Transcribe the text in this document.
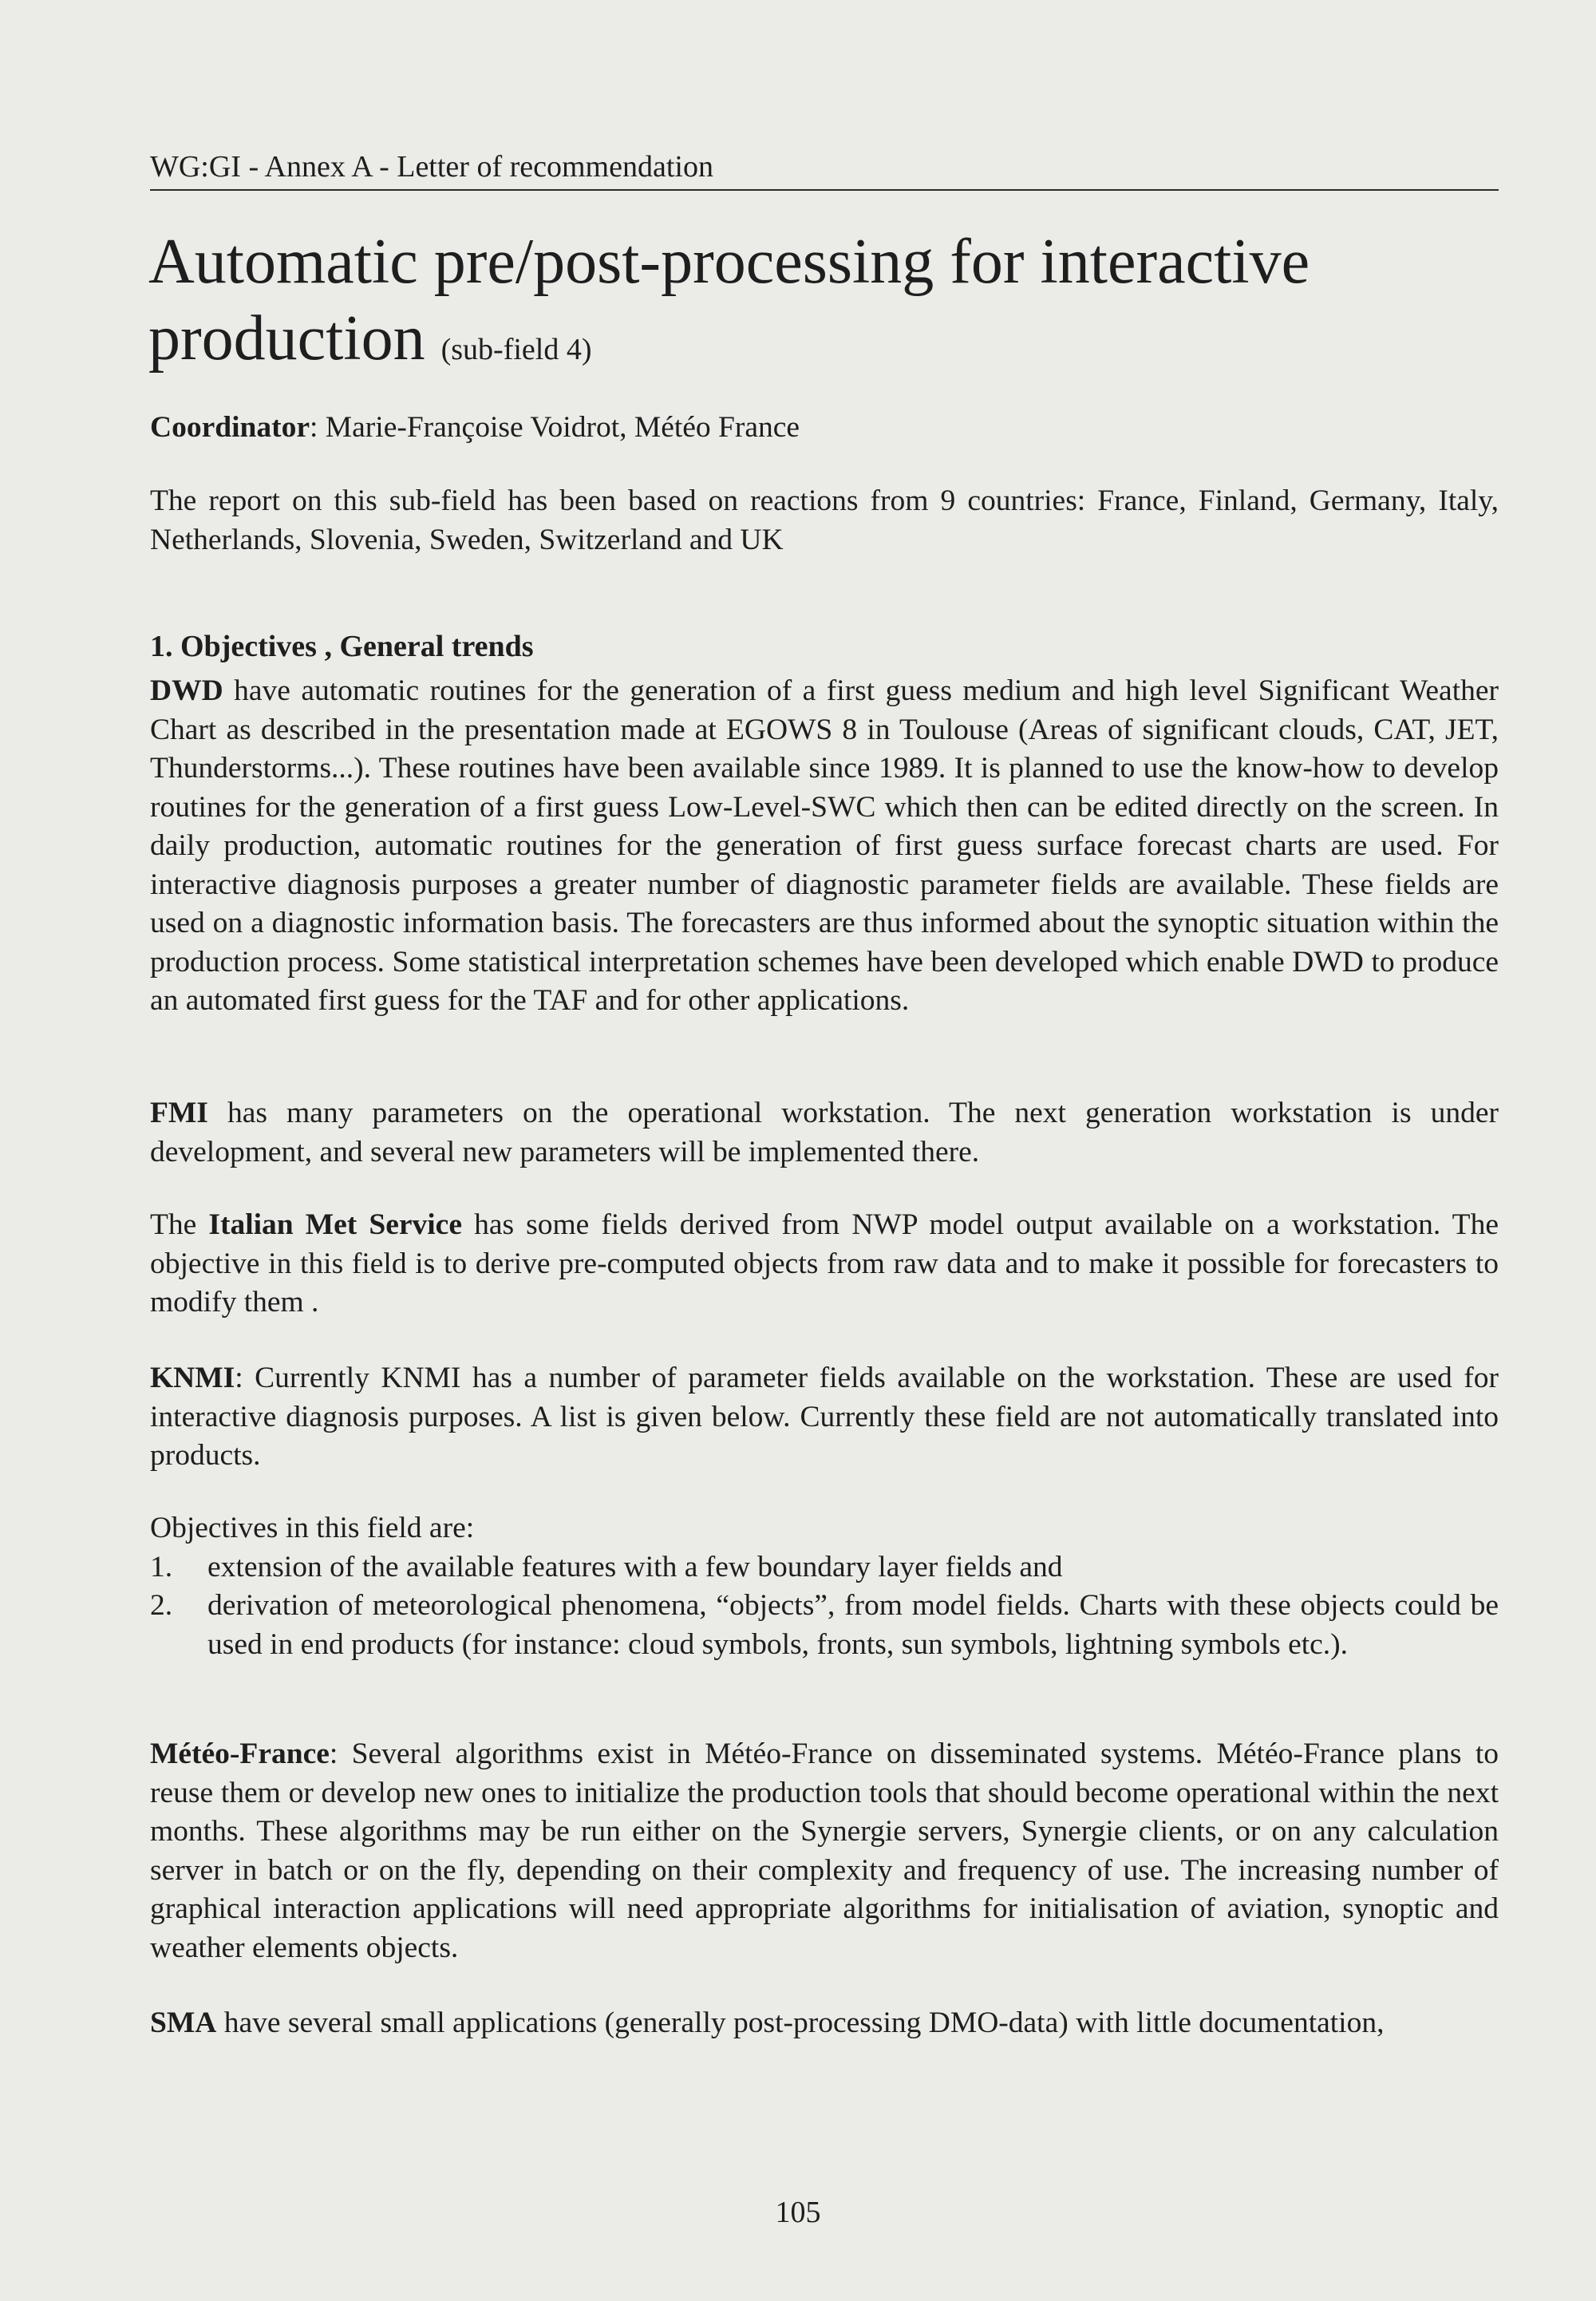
WG:GI - Annex A - Letter of recommendation
Automatic pre/post-processing for interactive production (sub-field 4)

Coordinator: Marie-Françoise Voidrot, Météo France

The report on this sub-field has been based on reactions from 9 countries: France, Finland, Germany, Italy, Netherlands, Slovenia, Sweden, Switzerland and UK

1. Objectives , General trends

DWD have automatic routines for the generation of a first guess medium and high level Significant Weather Chart as described in the presentation made at EGOWS 8 in Toulouse (Areas of significant clouds, CAT, JET, Thunderstorms...). These routines have been available since 1989. It is planned to use the know-how to develop routines for the generation of a first guess Low-Level-SWC which then can be edited directly on the screen. In daily production, automatic routines for the generation of first guess surface forecast charts are used. For interactive diagnosis purposes a greater number of diagnostic parameter fields are available. These fields are used on a diagnostic information basis. The forecasters are thus informed about the synoptic situation within the production process. Some statistical interpretation schemes have been developed which enable DWD to produce an automated first guess for the TAF and for other applications.

FMI has many parameters on the operational workstation. The next generation workstation is under development, and several new parameters will be implemented there.

The Italian Met Service has some fields derived from NWP model output available on a workstation. The objective in this field is to derive pre-computed objects from raw data and to make it possible for forecasters to modify them .

KNMI: Currently KNMI has a number of parameter fields available on the workstation. These are used for interactive diagnosis purposes. A list is given below. Currently these field are not automatically translated into products.

Objectives in this field are:

1. extension of the available features with a few boundary layer fields and
2. derivation of meteorological phenomena, “objects”, from model fields. Charts with these objects could be used in end products (for instance: cloud symbols, fronts, sun symbols, lightning symbols etc.).

Météo-France: Several algorithms exist in Météo-France on disseminated systems. Météo-France plans to reuse them or develop new ones to initialize the production tools that should become operational within the next months. These algorithms may be run either on the Synergie servers, Synergie clients, or on any calculation server in batch or on the fly, depending on their complexity and frequency of use. The increasing number of graphical interaction applications will need appropriate algorithms for initialisation of aviation, synoptic and weather elements objects.

SMA have several small applications (generally post-processing DMO-data) with little documentation,

105
